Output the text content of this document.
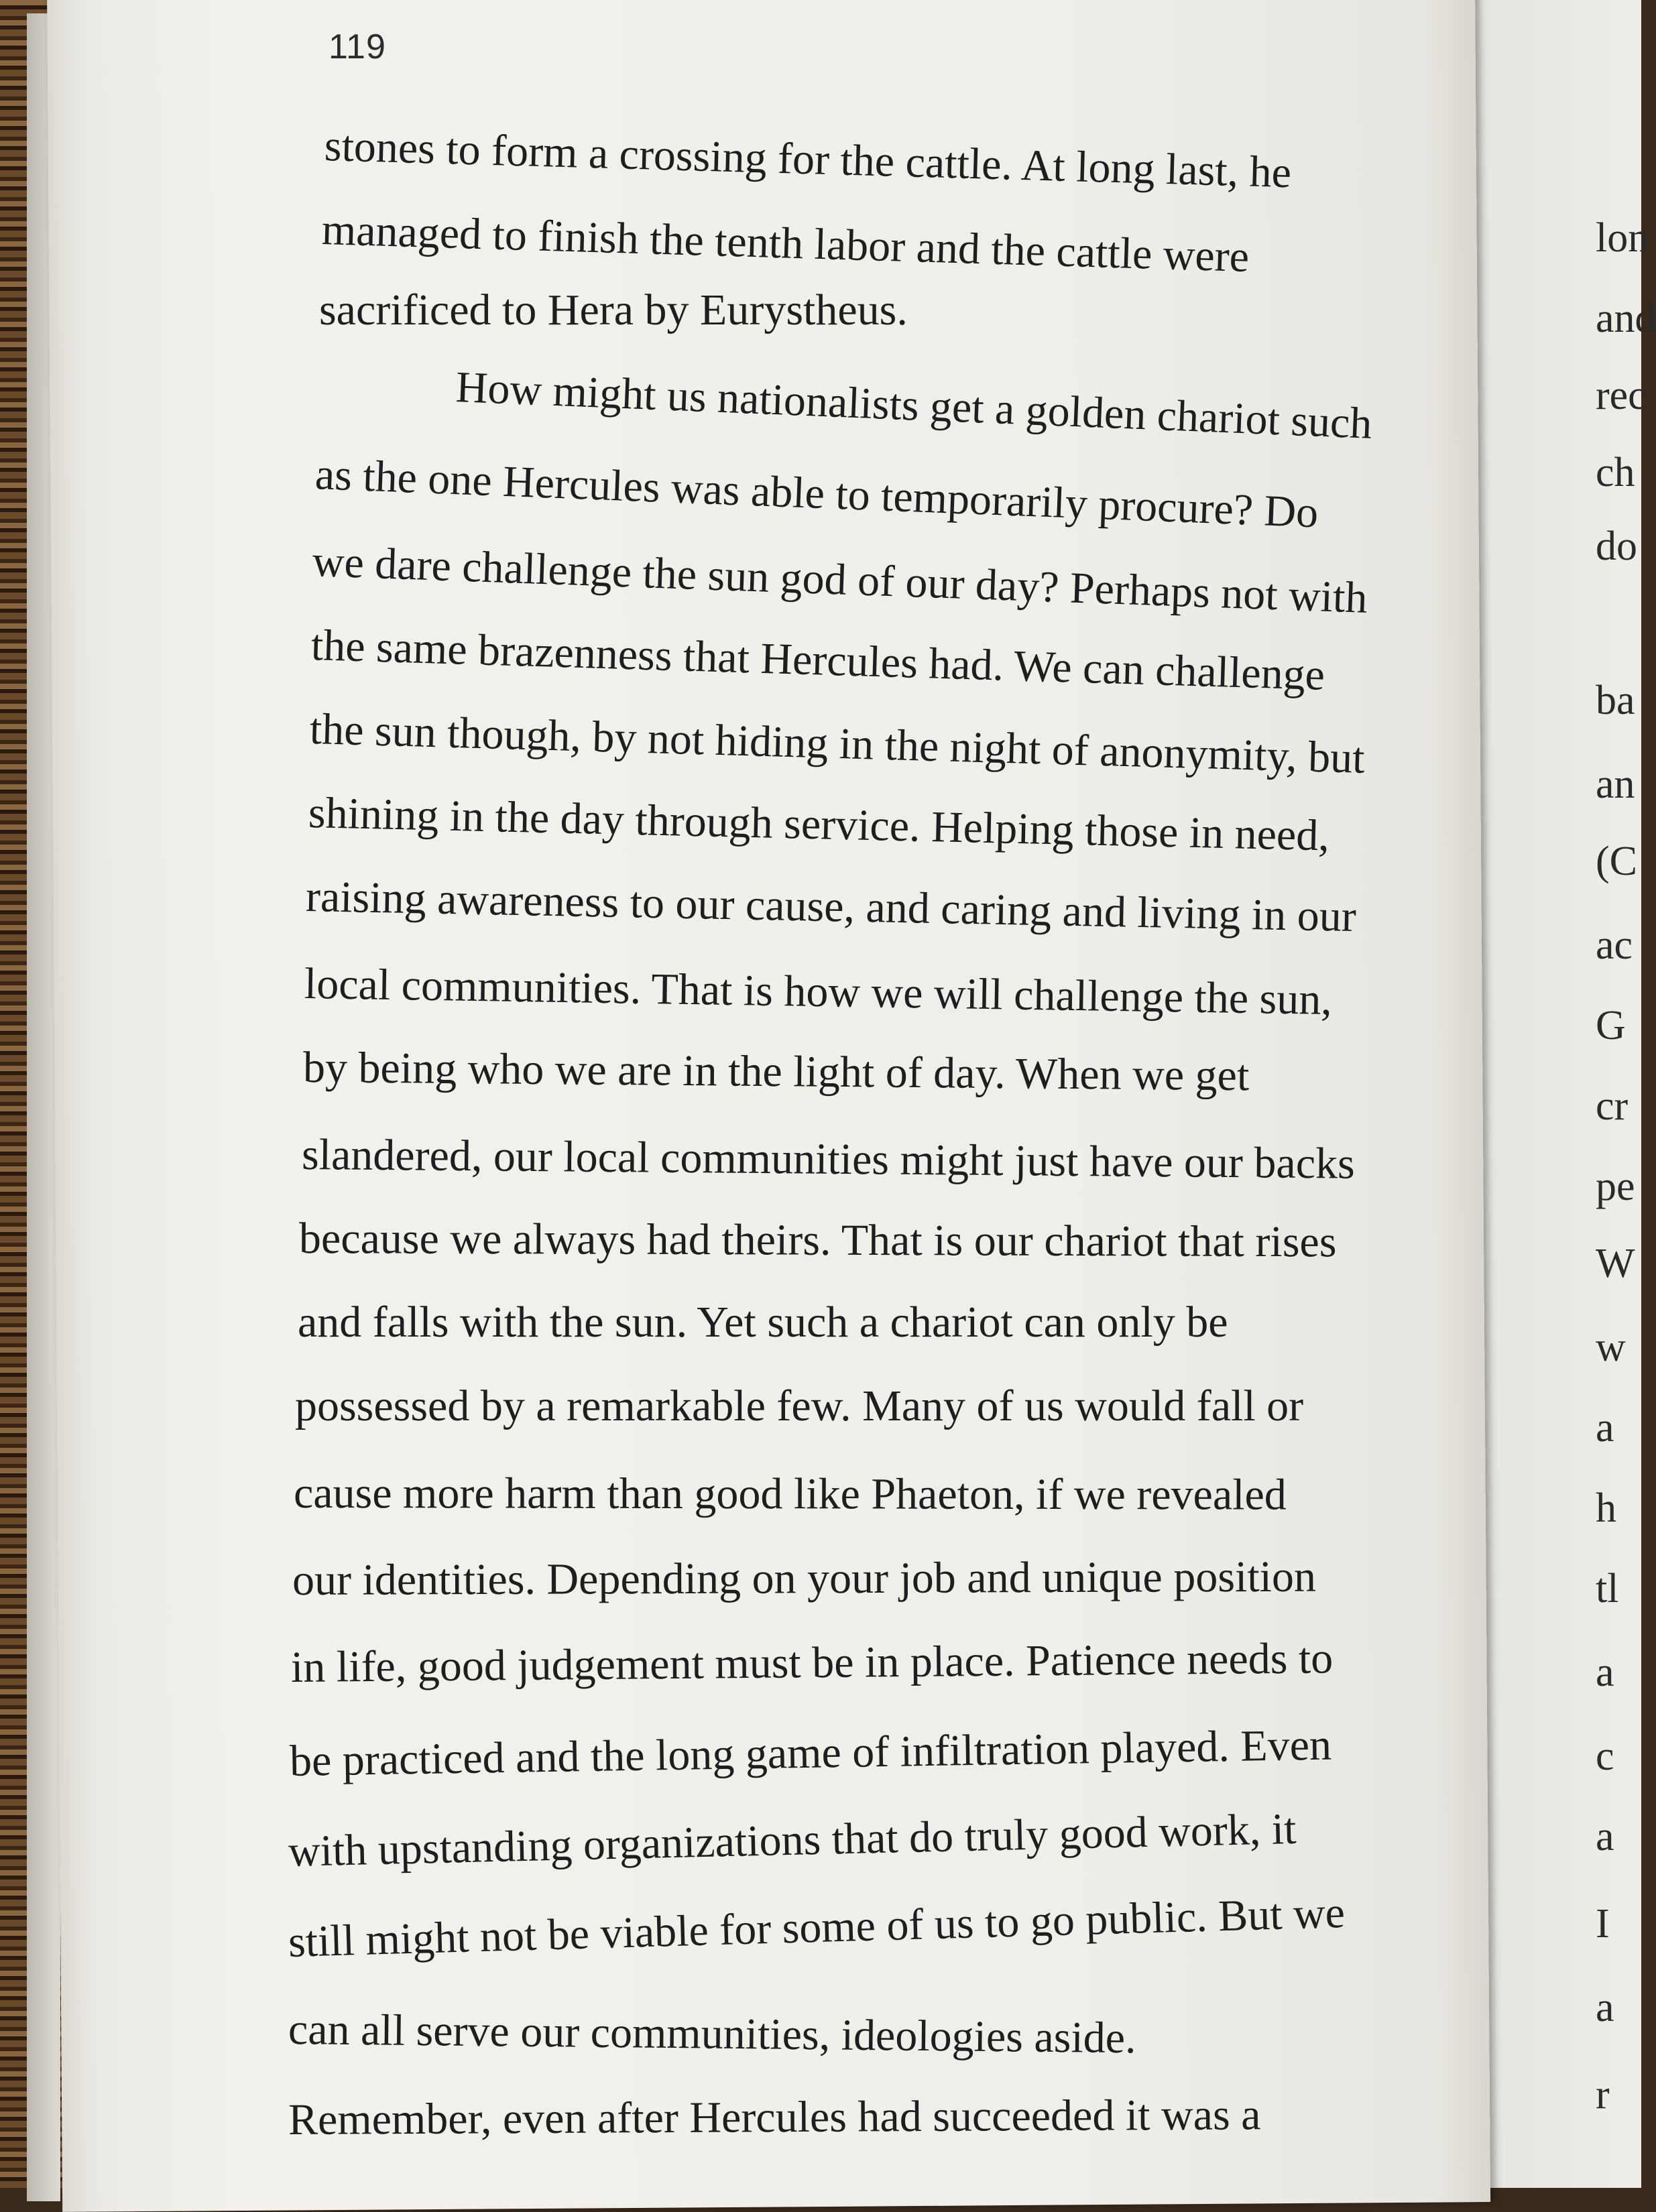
119
stones to form a crossing for the cattle. At long last, he
managed to finish the tenth labor and the cattle were
sacrificed to Hera by Eurystheus.
How might us nationalists get a golden chariot such
as the one Hercules was able to temporarily procure? Do
we dare challenge the sun god of our day? Perhaps not with
the same brazenness that Hercules had. We can challenge
the sun though, by not hiding in the night of anonymity, but
shining in the day through service. Helping those in need,
raising awareness to our cause, and caring and living in our
local communities. That is how we will challenge the sun,
by being who we are in the light of day. When we get
slandered, our local communities might just have our backs
because we always had theirs. That is our chariot that rises
and falls with the sun. Yet such a chariot can only be
possessed by a remarkable few. Many of us would fall or
cause more harm than good like Phaeton, if we revealed
our identities. Depending on your job and unique position
in life, good judgement must be in place. Patience needs to
be practiced and the long game of infiltration played. Even
with upstanding organizations that do truly good work, it
still might not be viable for some of us to go public. But we
can all serve our communities, ideologies aside.
Remember, even after Hercules had succeeded it was a
lon
and
rec
ch
do
ba
an
(C
ac
G
cr
pe
W
w
a
h
tl
a
c
a
I
a
r
